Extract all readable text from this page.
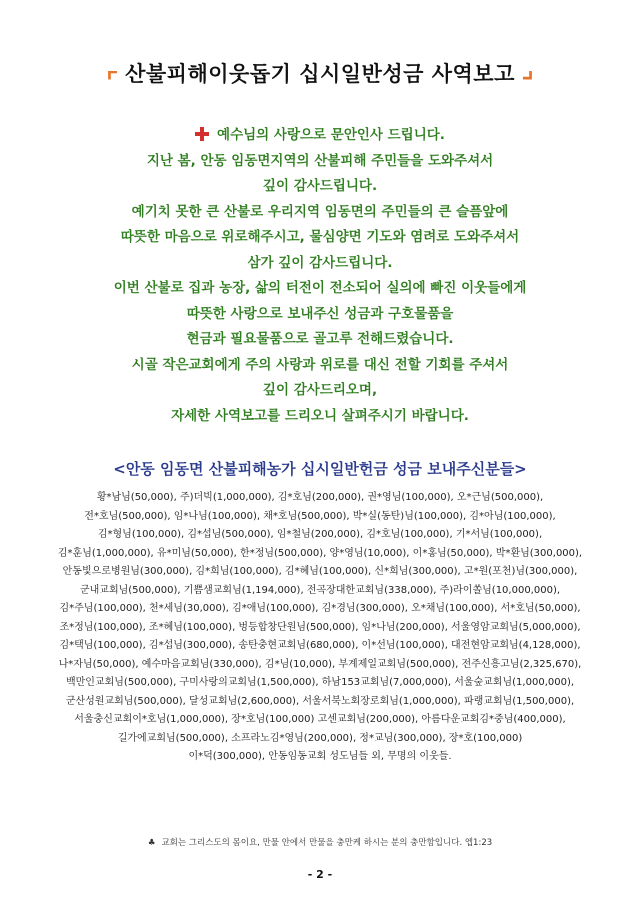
산불피해이웃돕기 십시일반성금 사역보고
예수님의 사랑으로 문안인사 드립니다.
지난 봄, 안동 임동면지역의 산불피해 주민들을 도와주셔서
깊이 감사드립니다.
예기치 못한 큰 산불로 우리지역 임동면의 주민들의 큰 슬픔앞에
따뜻한 마음으로 위로해주시고, 물심양면 기도와 염려로 도와주셔서
삼가 깊이 감사드립니다.
이번 산불로 집과 농장, 삶의 터전이 전소되어 실의에 빠진 이웃들에게
따뜻한 사랑으로 보내주신 성금과 구호물품을
현금과 필요물품으로 골고루 전해드렸습니다.
시골 작은교회에게 주의 사랑과 위로를 대신 전할 기회를 주셔서
깊이 감사드리오며,
자세한 사역보고를 드리오니 살펴주시기 바랍니다.
<안동 임동면 산불피해농가 십시일반헌금 성금 보내주신분들>
황*남님(50,000), 주)더빅(1,000,000), 김*호님(200,000), 권*영님(100,000), 오*근님(500,000),
전*호님(500,000), 임*나님(100,000), 채*호님(500,000), 박*실(동탄)님(100,000), 김*아님(100,000),
김*형님(100,000), 김*섭님(500,000), 임*철님(200,000), 김*호님(100,000), 기*서님(100,000),
김*훈님(1,000,000), 유*미님(50,000), 한*정님(500,000), 양*영님(10,000), 이*홍님(50,000), 박*환님(300,000),
안동빛으로병원님(300,000), 김*희님(100,000), 김*혜님(100,000), 신*희님(300,000), 고*원(포천)님(300,000),
군내교회님(500,000), 기쁨샘교회님(1,194,000), 전곡장대한교회님(338,000), 주)라이쏠님(10,000,000),
김*주님(100,000), 천*세님(30,000), 김*애님(100,000), 김*경님(300,000), 오*채님(100,000), 서*호님(50,000),
조*정님(100,000), 조*혜님(100,000), 벙등합창단원님(500,000), 임*나님(200,000), 서울영암교회님(5,000,000),
김*택님(100,000), 김*섭님(300,000), 송탄충현교회님(680,000), 이*선님(100,000), 대전현암교회님(4,128,000),
나*자님(50,000), 예수마음교회님(330,000), 김*님(10,000), 부계제일교회님(500,000), 전주신흥고님(2,325,670),
백만인교회님(500,000), 구미사랑의교회님(1,500,000), 하남153교회님(7,000,000), 서울숲교회님(1,000,000),
군산성원교회님(500,000), 달성교회님(2,600,000), 서울서북노회장로회님(1,000,000), 파랭교회님(1,500,000),
서울충신교회이*호님(1,000,000), 장*호님(100,000) 고센교회님(200,000), 아름다운교회김*중님(400,000),
길가에교회님(500,000), 소프라노김*영님(200,000), 정*교님(300,000), 장*호(100,000)
이*덕(300,000), 안동임동교회 성도님들 외, 무명의 이웃들.
♣ 교회는 그리스도의 몸이요, 만물 안에서 만물을 충만케 하시는 분의 충만함입니다. 엡1:23
- 2 -
